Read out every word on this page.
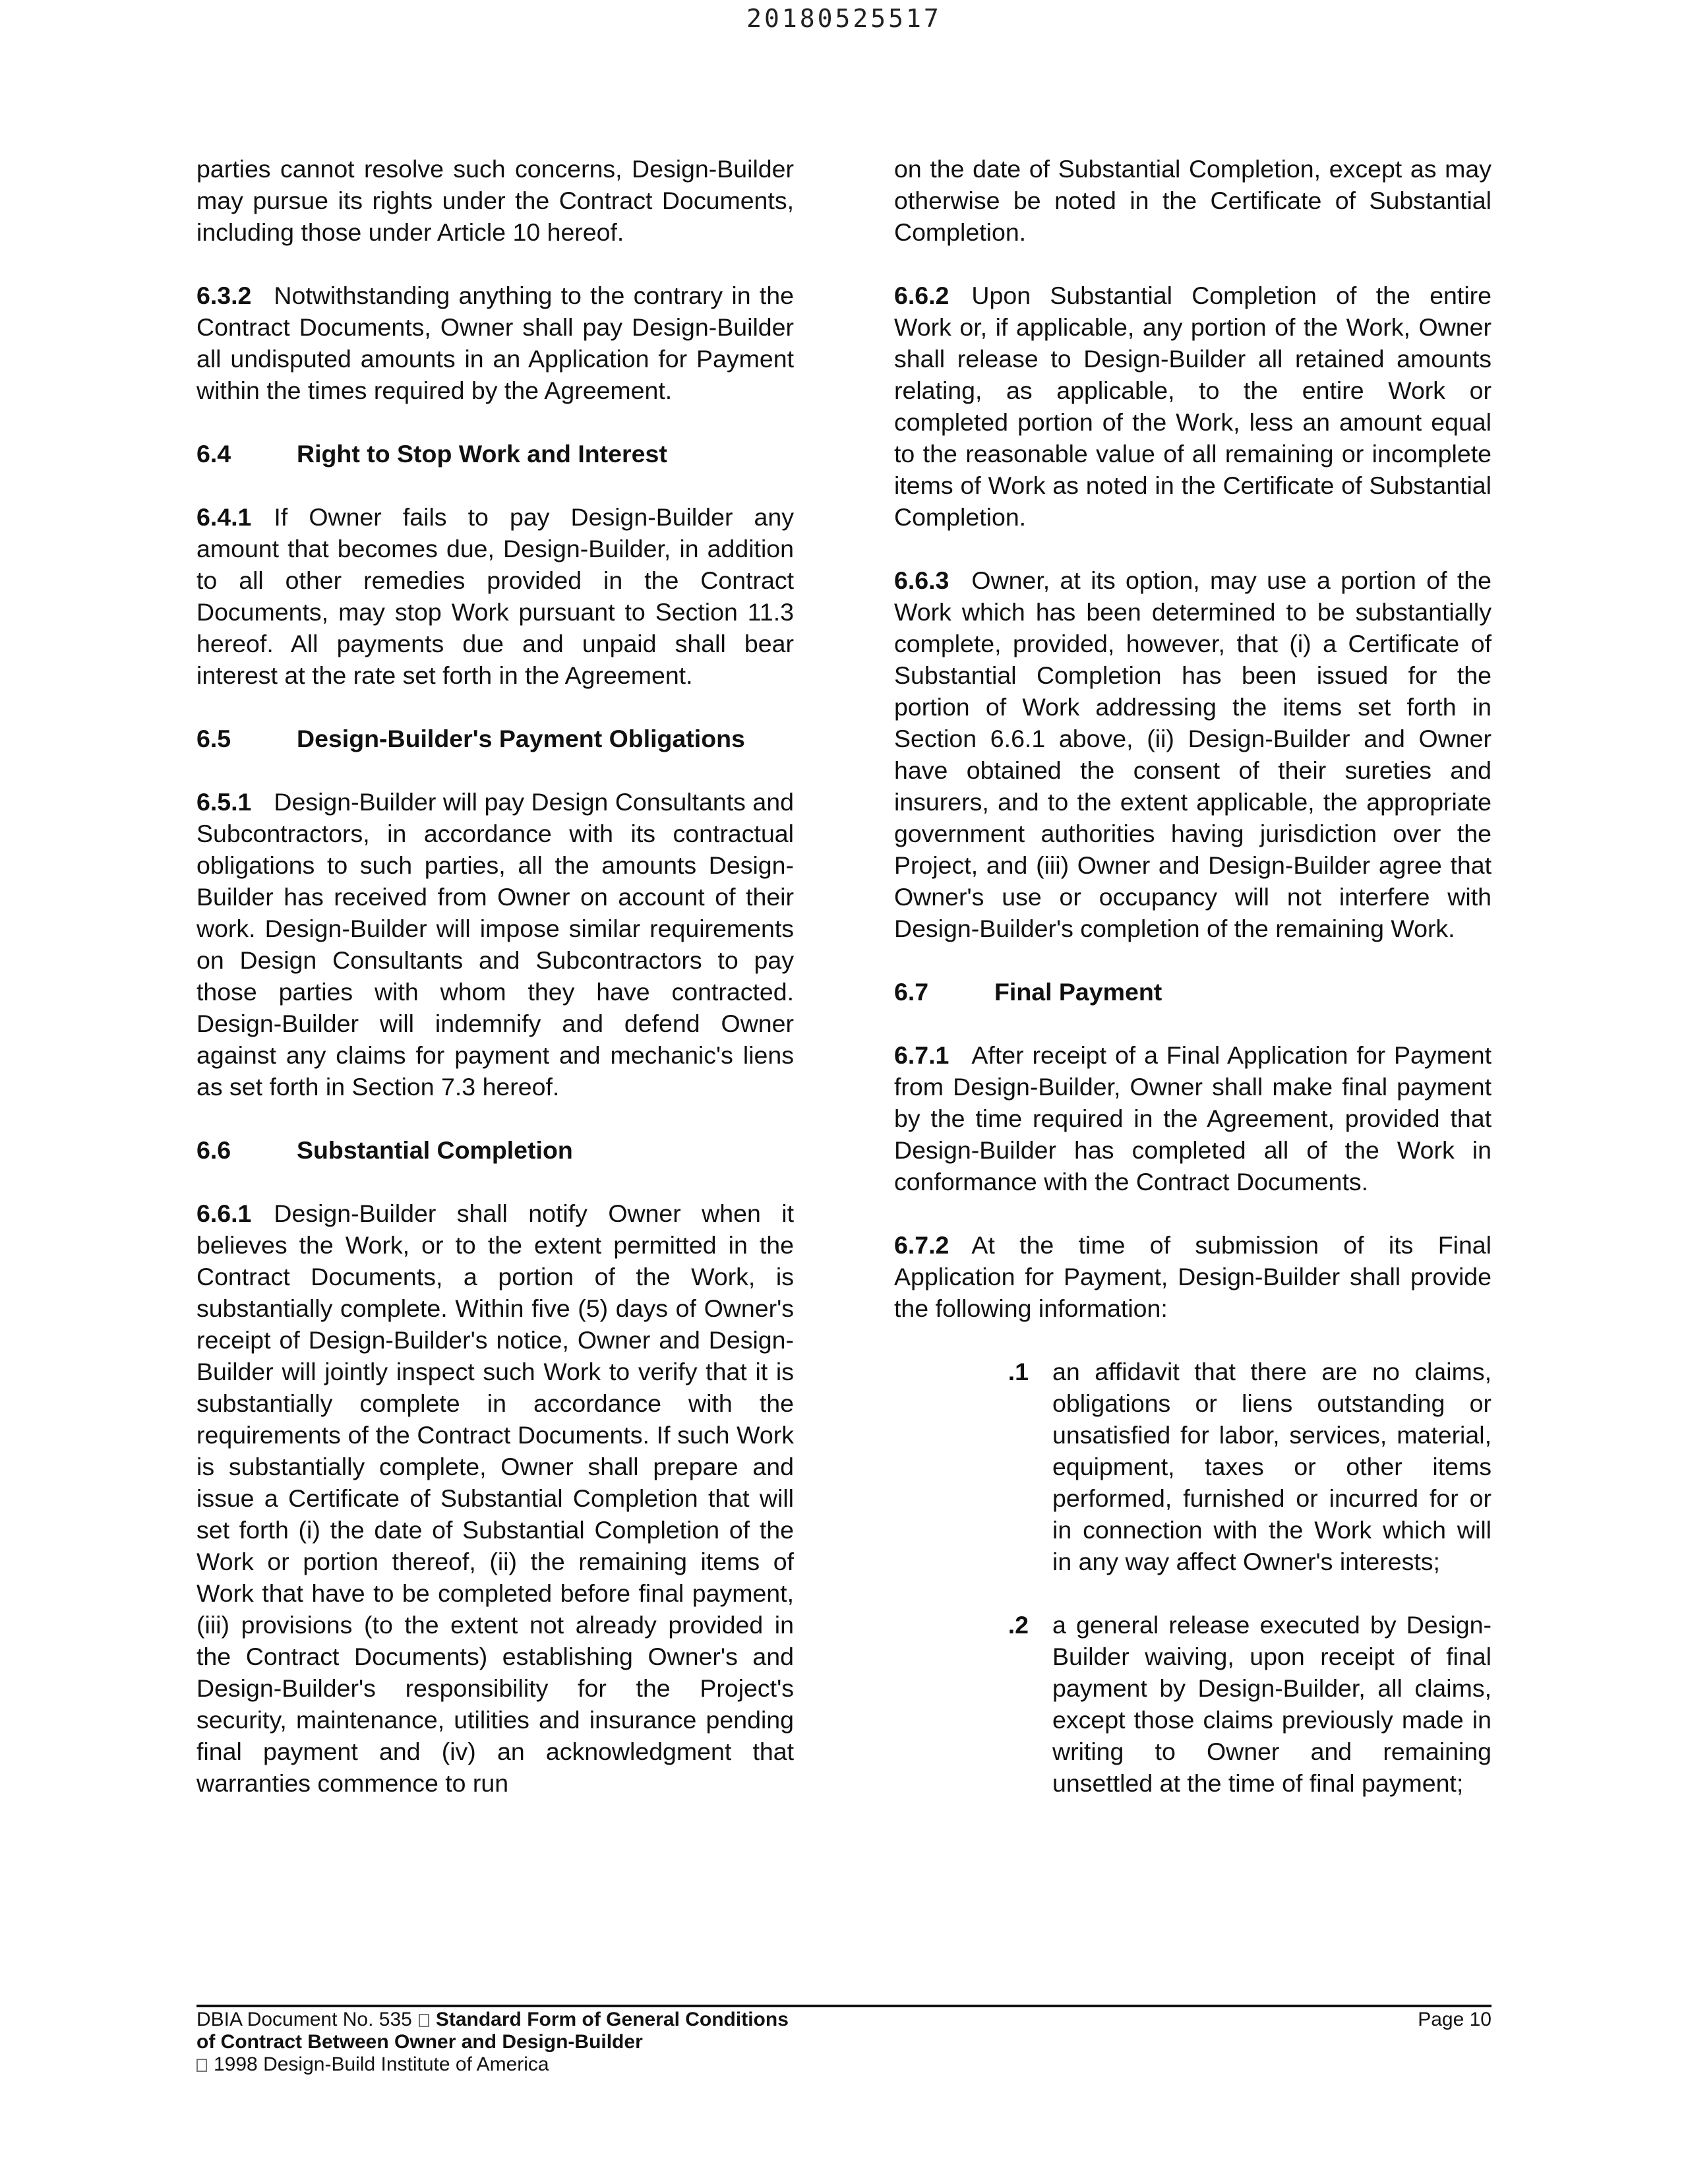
20180525517

parties cannot resolve such concerns, Design-Builder may pursue its rights under the Contract Documents, including those under Article 10 hereof.

6.3.2 Notwithstanding anything to the contrary in the Contract Documents, Owner shall pay Design-Builder all undisputed amounts in an Application for Payment within the times required by the Agreement.

6.4	Right to Stop Work and Interest

6.4.1 If Owner fails to pay Design-Builder any amount that becomes due, Design-Builder, in addition to all other remedies provided in the Contract Documents, may stop Work pursuant to Section 11.3 hereof. All payments due and unpaid shall bear interest at the rate set forth in the Agreement.

6.5	Design-Builder's Payment Obligations

6.5.1 Design-Builder will pay Design Consultants and Subcontractors, in accordance with its contractual obligations to such parties, all the amounts Design-Builder has received from Owner on account of their work. Design-Builder will impose similar requirements on Design Consultants and Subcontractors to pay those parties with whom they have contracted. Design-Builder will indemnify and defend Owner against any claims for payment and mechanic's liens as set forth in Section 7.3 hereof.

6.6	Substantial Completion

6.6.1 Design-Builder shall notify Owner when it believes the Work, or to the extent permitted in the Contract Documents, a portion of the Work, is substantially complete. Within five (5) days of Owner's receipt of Design-Builder's notice, Owner and Design-Builder will jointly inspect such Work to verify that it is substantially complete in accordance with the requirements of the Contract Documents. If such Work is substantially complete, Owner shall prepare and issue a Certificate of Substantial Completion that will set forth (i) the date of Substantial Completion of the Work or portion thereof, (ii) the remaining items of Work that have to be completed before final payment, (iii) provisions (to the extent not already provided in the Contract Documents) establishing Owner's and Design-Builder's responsibility for the Project's security, maintenance, utilities and insurance pending final payment and (iv) an acknowledgment that warranties commence to run

on the date of Substantial Completion, except as may otherwise be noted in the Certificate of Substantial Completion.

6.6.2 Upon Substantial Completion of the entire Work or, if applicable, any portion of the Work, Owner shall release to Design-Builder all retained amounts relating, as applicable, to the entire Work or completed portion of the Work, less an amount equal to the reasonable value of all remaining or incomplete items of Work as noted in the Certificate of Substantial Completion.

6.6.3 Owner, at its option, may use a portion of the Work which has been determined to be substantially complete, provided, however, that (i) a Certificate of Substantial Completion has been issued for the portion of Work addressing the items set forth in Section 6.6.1 above, (ii) Design-Builder and Owner have obtained the consent of their sureties and insurers, and to the extent applicable, the appropriate government authorities having jurisdiction over the Project, and (iii) Owner and Design-Builder agree that Owner's use or occupancy will not interfere with Design-Builder's completion of the remaining Work.

6.7	Final Payment

6.7.1 After receipt of a Final Application for Payment from Design-Builder, Owner shall make final payment by the time required in the Agreement, provided that Design-Builder has completed all of the Work in conformance with the Contract Documents.

6.7.2 At the time of submission of its Final Application for Payment, Design-Builder shall provide the following information:

.1 an affidavit that there are no claims, obligations or liens outstanding or unsatisfied for labor, services, material, equipment, taxes or other items performed, furnished or incurred for or in connection with the Work which will in any way affect Owner's interests;
.2 a general release executed by Design-Builder waiving, upon receipt of final payment by Design-Builder, all claims, except those claims previously made in writing to Owner and remaining unsettled at the time of final payment;
DBIA Document No. 535 Standard Form of General Conditions
of Contract Between Owner and Design-Builder
1998 Design-Build Institute of America
Page 10
